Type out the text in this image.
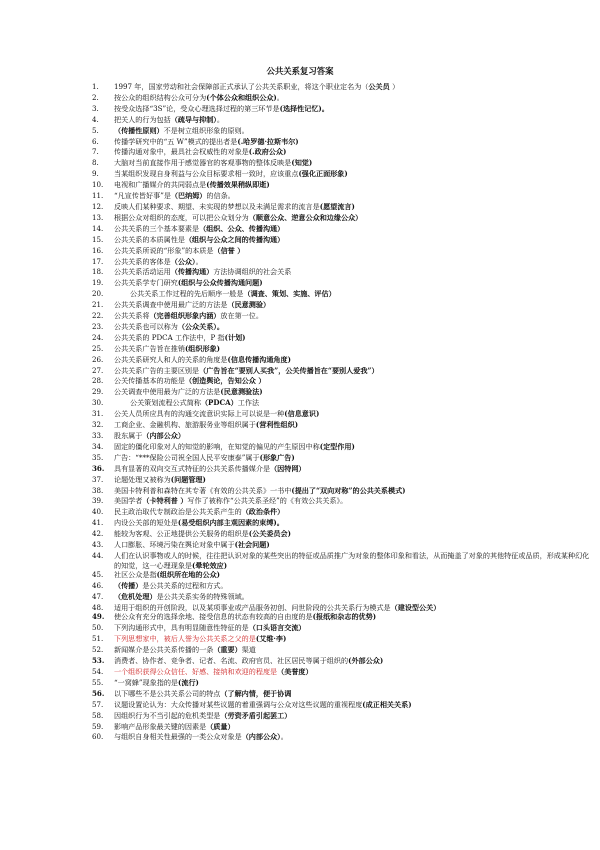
公共关系复习答案
1.	1997 年，国家劳动和社会保障部正式承认了公共关系职业，将这个职业定名为（公关员 ）
2.	按公众的组织结构公众可分为(个体公众和组织公众)。
3.	按受众选择“3S”论，受众心理选择过程的第三环节是(选择性记忆)。
4.	把关人的行为包括（疏导与抑制）。
5.	（传播性原则）不是树立组织形象的原则。
6.	传播学研究中的“五 W”模式的提出者是(.哈罗德·拉斯韦尔)
7.	传播沟通对象中，最具社会权威性的对象是(.政府公众)
8.	大脑对当前直接作用于感觉器官的客观事物的整体反映是(知觉)
9.	当某组织发现自身利益与公众目标要求相一致时，应该重点(强化正面形象)
10.	电视和广播媒介的共同弱点是(传播效果稍纵即逝)
11.	“凡宣传皆好事”是（巴纳姆）的信条。
12.	反映人们某种要求、期望、未实现的梦想以及未满足需求的流言是(愿望流言)
13.	根据公众对组织的态度，可以把公众划分为（顺意公众、逆意公众和边缘公众）
14.	公共关系的三个基本要素是（组织、公众、传播沟通）
15.	公共关系的本质属性是（组织与公众之间的传播沟通）
16.	公共关系所说的“形象”的本质是（信誉 ）
17.	公共关系的客体是（公众）。
18.	公共关系活动运用（传播沟通）方法协调组织的社会关系
19.	公共关系学专门研究(组织与公众传播沟通问题)
20.	公共关系工作过程的先后顺序一般是（调查、策划、实施、评估）
21.	公共关系调查中使用最广泛的方法是（民意测验）
22.	公共关系将（完善组织形象内涵）放在第一位。
23.	公共关系也可以称为（公众关系）。
24.	公共关系的 PDCA 工作法中，P 指(计划)
25.	公共关系广告旨在推销(组织形象)
26.	公共关系研究人和人的关系的角度是(信息传播沟通角度)
27.	公共关系广告的主要区别是（广告旨在“要别人买我”，公关传播旨在“要别人爱我”）
28.	公关传播基本的功能是（创造舆论，告知公众 ）
29.	公关调查中使用最为广泛的方法是(民意测验法)
30.	公关策划流程公式简称（PDCA）工作法
31.	公关人员所应具有的沟通交流意识实际上可以说是一种(信息意识)
32.	工商企业、金融机构、旅游服务业等组织属于(营利性组织)
33.	股东属于（内部公众）
34.	固定的僵化印象对人的知觉的影响，在知觉的偏见的产生原因中称(定型作用)
35.	广告：“***保险公司祝全国人民平安康泰”属于(形象广告)
36.	具有显著的双向交互式特征的公共关系传播媒介是（因特网）
37.	论题处理又被称为(问题管理)
38.	美国卡特利普和森特在其专著《有效的公共关系》一书中(提出了“双向对称”的公共关系模式)
39.	美国学者（卡特利普 ）写作了被称作“公共关系圣经”的《有效公共关系》。
40.	民主政治取代专制政治是公共关系产生的（政治条件）
41.	内设公关部的短处是(易受组织内部主观因素的束缚)。
42.	能较为客观、公正地提供公关服务的组织是(公关委员会)
43.	人口膨胀、环境污染在舆论对象中属于(社会问题)
44.	人们在认识事物或人的时候，往往把认识对象的某些突出的特征或品质推广为对象的整体印象和看法，从而掩盖了对象的其他特征或品质，形成某种幻化的知觉，这一心理现象是(晕轮效应)
45.	社区公众是指(组织所在地的公众)
46.	（传播）是公共关系的过程和方式。
47.	（危机处理）是公共关系实务的特殊领域。
48.	适用于组织的开创阶段，以及某项事业或产品服务初创、问世阶段的公共关系行为模式是（建设型公关）
49.	使公众有充分的选择余地、接受信息的状态有较高的自由度的是(报纸和杂志的优势)
50.	下列沟通形式中，具有明显随意性特征的是（口头语言交流）
51.	下列思想家中，被后人誉为公共关系之父的是(艾维·李)
52.	新闻媒介是公共关系传播的一条（重要）渠道
53.	消费者、协作者、竞争者、记者、名流、政府官员、社区居民等属于组织的(外部公众)
54.	一个组织获得公众信任、好感、接纳和欢迎的程度是（美誉度）
55.	“一窝蜂”现象指的是(流行)
56.	以下哪些不是公共关系公司的特点（了解内情，便于协调
57.	议题设置论认为：大众传播对某些议题的着重强调与公众对这些议题的重视程度(成正相关关系)
58.	因组织行为不当引起的危机类型是（劳资矛盾引起罢工）
59.	影响产品形象最关键的因素是（质量）
60.	与组织自身相关性最强的一类公众对象是（内部公众）。
